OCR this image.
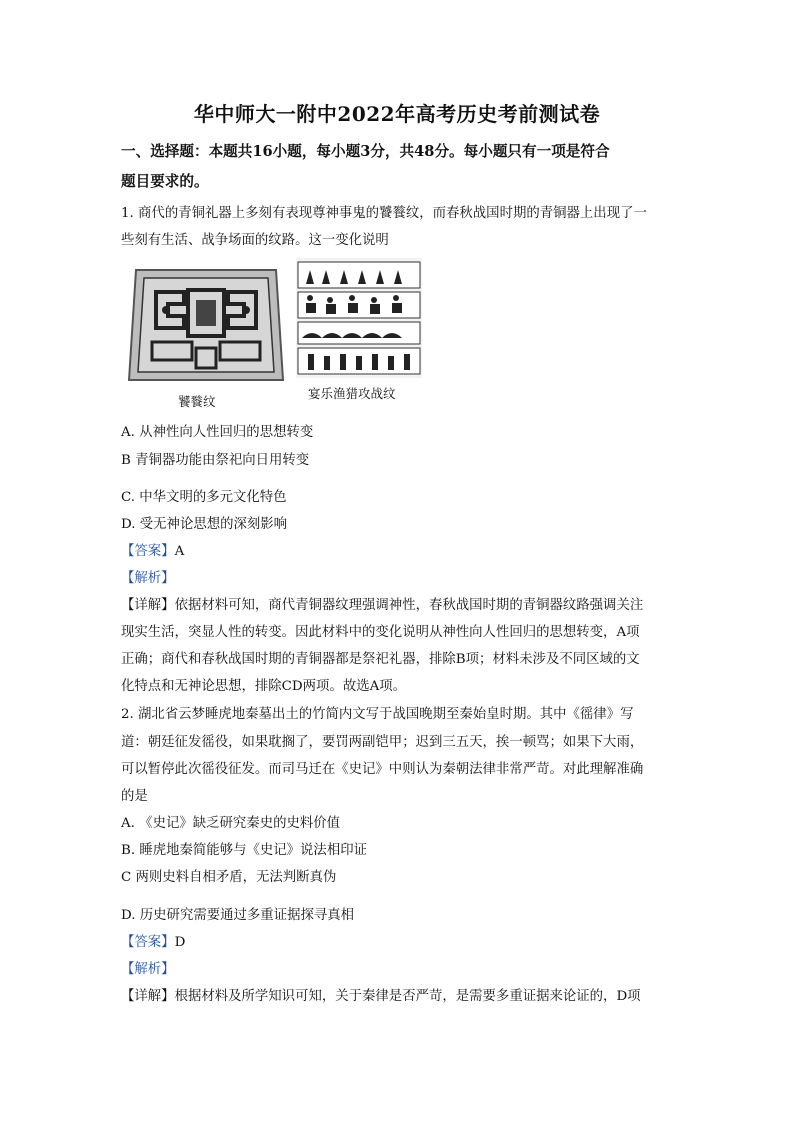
华中师大一附中2022年高考历史考前测试卷
一、选择题：本题共16小题，每小题3分，共48分。每小题只有一项是符合
题目要求的。
1. 商代的青铜礼器上多刻有表现尊神事鬼的饕餮纹，而春秋战国时期的青铜器上出现了一
些刻有生活、战争场面的纹路。这一变化说明
饕餮纹
宴乐渔猎攻战纹
A. 从神性向人性回归的思想转变
B 青铜器功能由祭祀向日用转变
C. 中华文明的多元文化特色
D. 受无神论思想的深刻影响
【答案】A
【解析】
【详解】依据材料可知，商代青铜器纹理强调神性，春秋战国时期的青铜器纹路强调关注
现实生活，突显人性的转变。因此材料中的变化说明从神性向人性回归的思想转变，A项
正确；商代和春秋战国时期的青铜器都是祭祀礼器，排除B项；材料未涉及不同区域的文
化特点和无神论思想，排除CD两项。故选A项。
2. 湖北省云梦睡虎地秦墓出土的竹简内文写于战国晚期至秦始皇时期。其中《徭律》写
道：朝廷征发徭役，如果耽搁了，要罚两副铠甲；迟到三五天，挨一顿骂；如果下大雨，
可以暂停此次徭役征发。而司马迁在《史记》中则认为秦朝法律非常严苛。对此理解准确
的是
A. 《史记》缺乏研究秦史的史料价值
B. 睡虎地秦简能够与《史记》说法相印证
C 两则史料自相矛盾，无法判断真伪
D. 历史研究需要通过多重证据探寻真相
【答案】D
【解析】
【详解】根据材料及所学知识可知，关于秦律是否严苛，是需要多重证据来论证的，D项
